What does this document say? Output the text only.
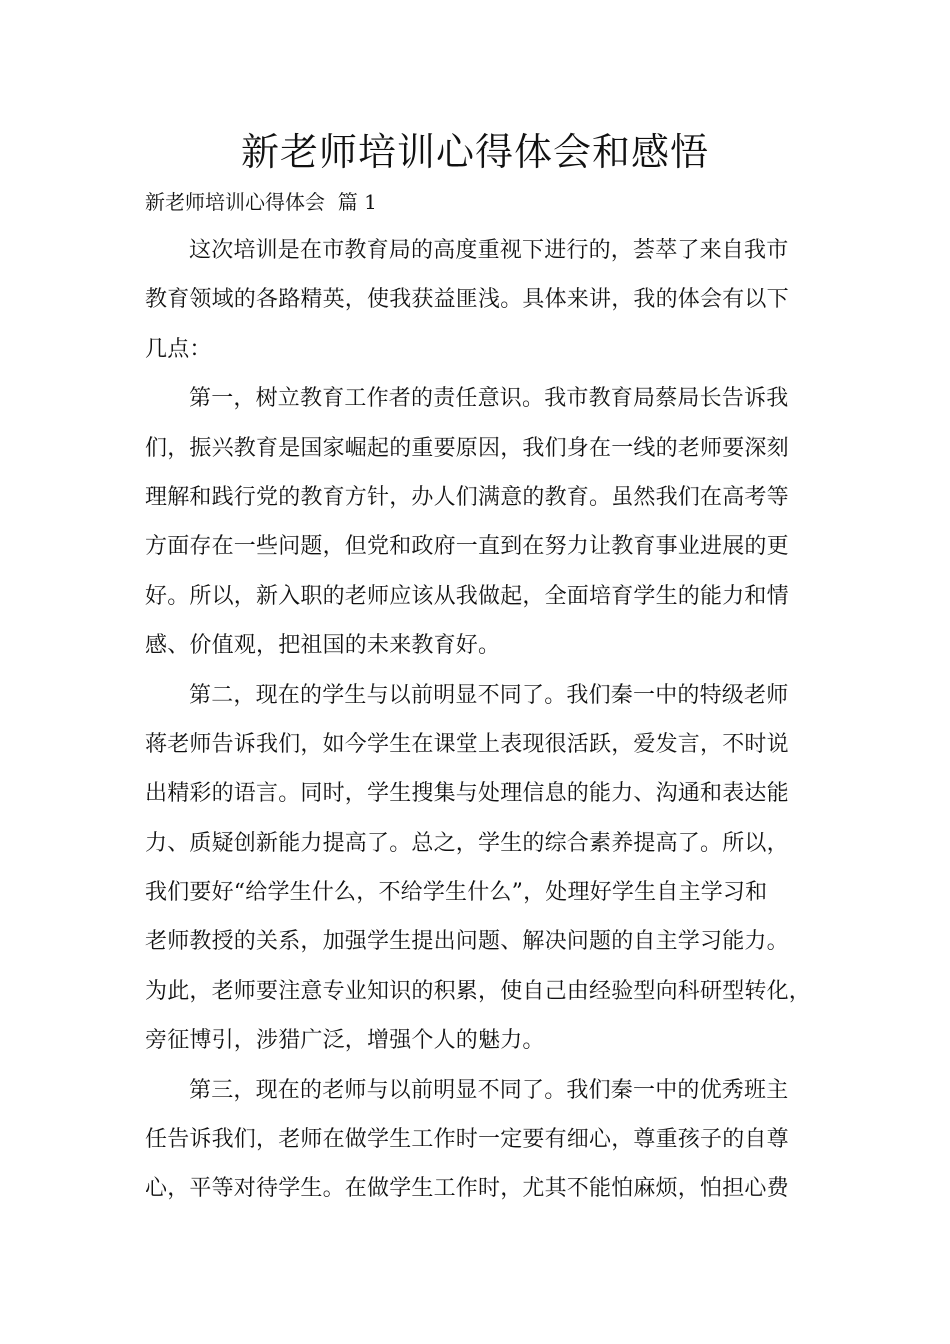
新老师培训心得体会和感悟

新老师培训心得体会  篇 1

这次培训是在市教育局的高度重视下进行的，荟萃了来自我市
教育领域的各路精英，使我获益匪浅。具体来讲，我的体会有以下
几点：
第一，树立教育工作者的责任意识。我市教育局蔡局长告诉我
们，振兴教育是国家崛起的重要原因，我们身在一线的老师要深刻
理解和践行党的教育方针，办人们满意的教育。虽然我们在高考等
方面存在一些问题，但党和政府一直到在努力让教育事业进展的更
好。所以，新入职的老师应该从我做起，全面培育学生的能力和情
感、价值观，把祖国的未来教育好。
第二，现在的学生与以前明显不同了。我们秦一中的特级老师
蒋老师告诉我们，如今学生在课堂上表现很活跃，爱发言，不时说
出精彩的语言。同时，学生搜集与处理信息的能力、沟通和表达能
力、质疑创新能力提高了。总之，学生的综合素养提高了。所以，
我们要好“给学生什么，不给学生什么”，处理好学生自主学习和
老师教授的关系，加强学生提出问题、解决问题的自主学习能力。
为此，老师要注意专业知识的积累，使自己由经验型向科研型转化，
旁征博引，涉猎广泛，增强个人的魅力。
第三，现在的老师与以前明显不同了。我们秦一中的优秀班主
任告诉我们，老师在做学生工作时一定要有细心，尊重孩子的自尊
心，平等对待学生。在做学生工作时，尤其不能怕麻烦，怕担心费
